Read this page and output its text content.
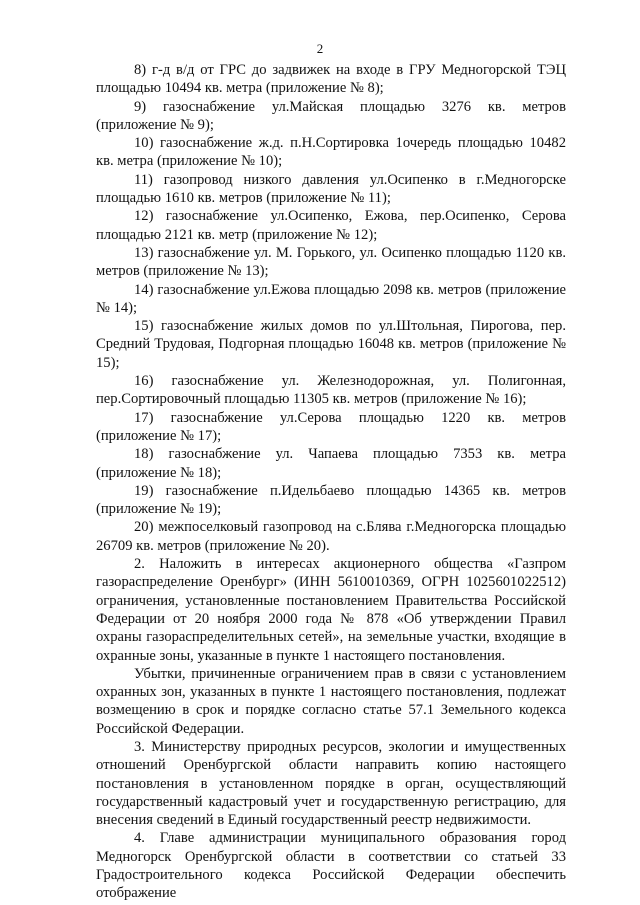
2

8) г-д в/д от ГРС до задвижек на входе в ГРУ Медногорской ТЭЦ площадью 10494 кв. метра (приложение № 8);

9) газоснабжение ул.Майская площадью 3276 кв. метров (приложение № 9);

10) газоснабжение ж.д. п.Н.Сортировка 1очередь площадью 10482 кв. метра (приложение № 10);

11) газопровод низкого давления ул.Осипенко в г.Медногорске площадью 1610 кв. метров (приложение № 11);

12) газоснабжение ул.Осипенко, Ежова, пер.Осипенко, Серова площадью 2121 кв. метр (приложение № 12);

13) газоснабжение ул. М. Горького, ул. Осипенко площадью 1120 кв. метров (приложение № 13);

14) газоснабжение ул.Ежова площадью 2098 кв. метров (приложение № 14);

15) газоснабжение жилых домов по ул.Штольная, Пирогова, пер. Средний Трудовая, Подгорная площадью 16048 кв. метров (приложение № 15);

16) газоснабжение ул. Железнодорожная, ул. Полигонная, пер.Сортировочный площадью 11305 кв. метров (приложение № 16);

17) газоснабжение ул.Серова площадью 1220 кв. метров (приложение № 17);

18) газоснабжение ул. Чапаева площадью 7353 кв. метра (приложение № 18);

19) газоснабжение п.Идельбаево площадью 14365 кв. метров (приложение № 19);

20) межпоселковый газопровод на с.Блява г.Медногорска площадью 26709 кв. метров (приложение № 20).

2. Наложить в интересах акционерного общества «Газпром газораспределение Оренбург» (ИНН 5610010369, ОГРН 1025601022512) ограничения, установленные постановлением Правительства Российской Федерации от 20 ноября 2000 года № 878 «Об утверждении Правил охраны газораспределительных сетей», на земельные участки, входящие в охранные зоны, указанные в пункте 1 настоящего постановления.

Убытки, причиненные ограничением прав в связи с установлением охранных зон, указанных в пункте 1 настоящего постановления, подлежат возмещению в срок и порядке согласно статье 57.1 Земельного кодекса Российской Федерации.

3. Министерству природных ресурсов, экологии и имущественных отношений Оренбургской области направить копию настоящего постановления в установленном порядке в орган, осуществляющий государственный кадастровый учет и государственную регистрацию, для внесения сведений в Единый государственный реестр недвижимости.

4. Главе администрации муниципального образования город Медногорск Оренбургской области в соответствии со статьей 33 Градостроительного кодекса Российской Федерации обеспечить отображение
